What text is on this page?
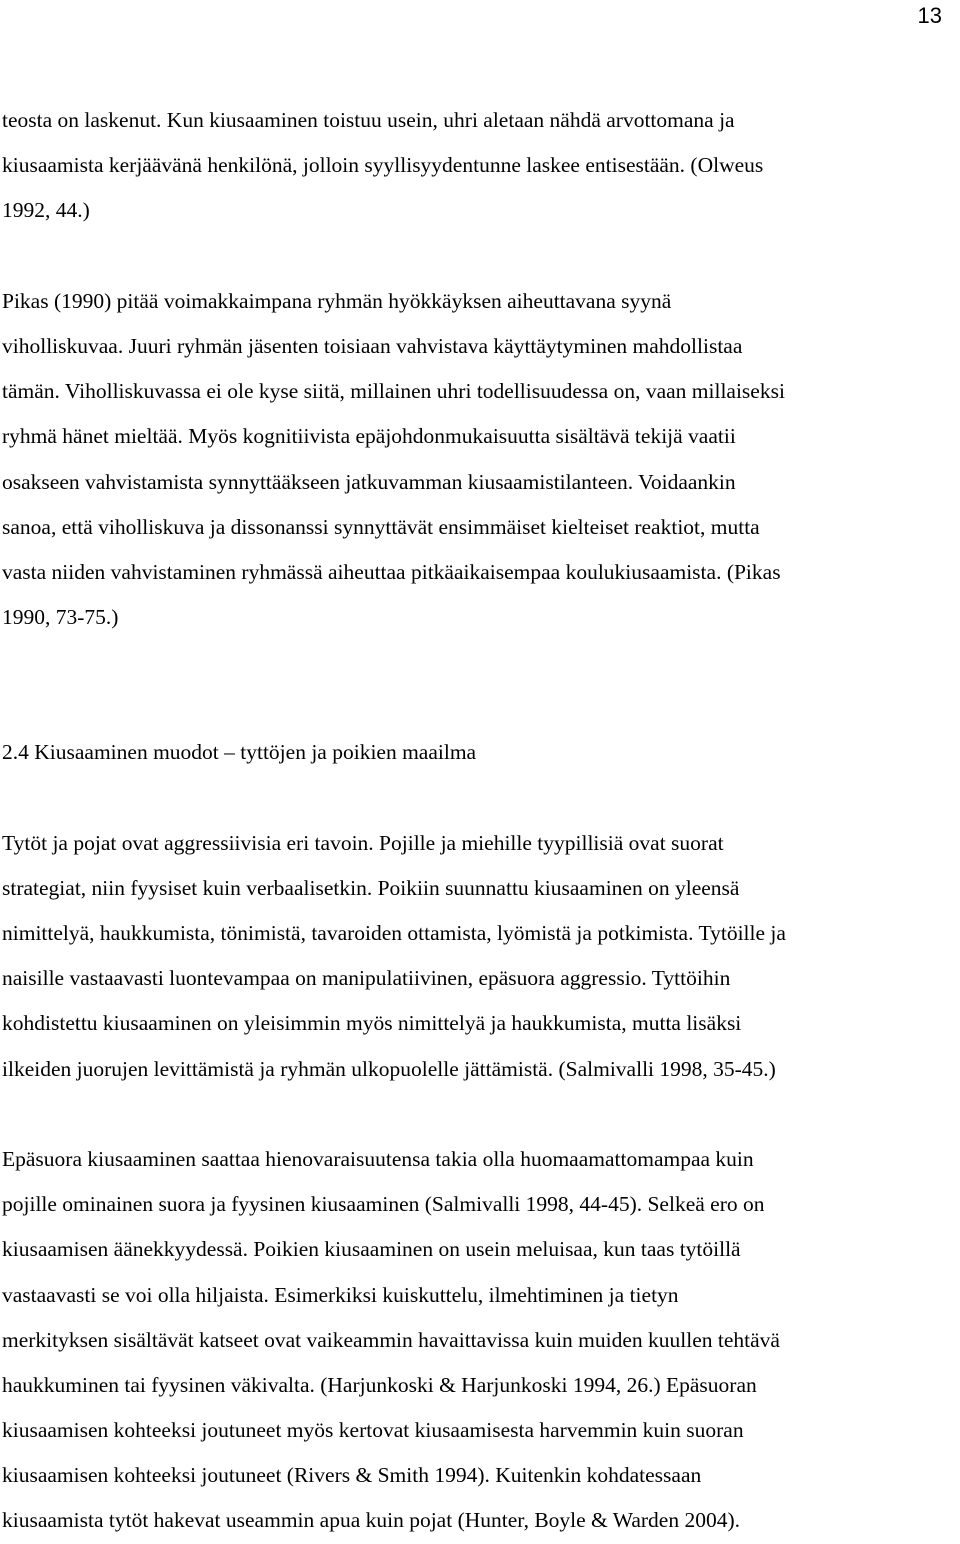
13
teosta on laskenut. Kun kiusaaminen toistuu usein, uhri aletaan nähdä arvottomana ja
kiusaamista kerjäävänä henkilönä, jolloin syyllisyydentunne laskee entisestään. (Olweus
1992, 44.)
Pikas (1990) pitää voimakkaimpana ryhmän hyökkäyksen aiheuttavana syynä
viholliskuvaa. Juuri ryhmän jäsenten toisiaan vahvistava käyttäytyminen mahdollistaa
tämän. Viholliskuvassa ei ole kyse siitä, millainen uhri todellisuudessa on, vaan millaiseksi
ryhmä hänet mieltää. Myös kognitiivista epäjohdonmukaisuutta sisältävä tekijä vaatii
osakseen vahvistamista synnyttääkseen jatkuvamman kiusaamistilanteen. Voidaankin
sanoa, että viholliskuva ja dissonanssi synnyttävät ensimmäiset kielteiset reaktiot, mutta
vasta niiden vahvistaminen ryhmässä aiheuttaa pitkäaikaisempaa koulukiusaamista. (Pikas
1990, 73-75.)
2.4 Kiusaaminen muodot – tyttöjen ja poikien maailma
Tytöt ja pojat ovat aggressiivisia eri tavoin. Pojille ja miehille tyypillisiä ovat suorat
strategiat, niin fyysiset kuin verbaalisetkin. Poikiin suunnattu kiusaaminen on yleensä
nimittelyä, haukkumista, tönimistä, tavaroiden ottamista, lyömistä ja potkimista. Tytöille ja
naisille vastaavasti luontevampaa on manipulatiivinen, epäsuora aggressio. Tyttöihin
kohdistettu kiusaaminen on yleisimmin myös nimittelyä ja haukkumista, mutta lisäksi
ilkeiden juorujen levittämistä ja ryhmän ulkopuolelle jättämistä. (Salmivalli 1998, 35-45.)
Epäsuora kiusaaminen saattaa hienovaraisuutensa takia olla huomaamattomampaa kuin
pojille ominainen suora ja fyysinen kiusaaminen (Salmivalli 1998, 44-45). Selkeä ero on
kiusaamisen äänekkyydessä. Poikien kiusaaminen on usein meluisaa, kun taas tytöillä
vastaavasti se voi olla hiljaista. Esimerkiksi kuiskuttelu, ilmehtiminen ja tietyn
merkityksen sisältävät katseet ovat vaikeammin havaittavissa kuin muiden kuullen tehtävä
haukkuminen tai fyysinen väkivalta. (Harjunkoski & Harjunkoski 1994, 26.) Epäsuoran
kiusaamisen kohteeksi joutuneet myös kertovat kiusaamisesta harvemmin kuin suoran
kiusaamisen kohteeksi joutuneet (Rivers & Smith 1994). Kuitenkin kohdatessaan
kiusaamista tytöt hakevat useammin apua kuin pojat (Hunter, Boyle & Warden 2004).
